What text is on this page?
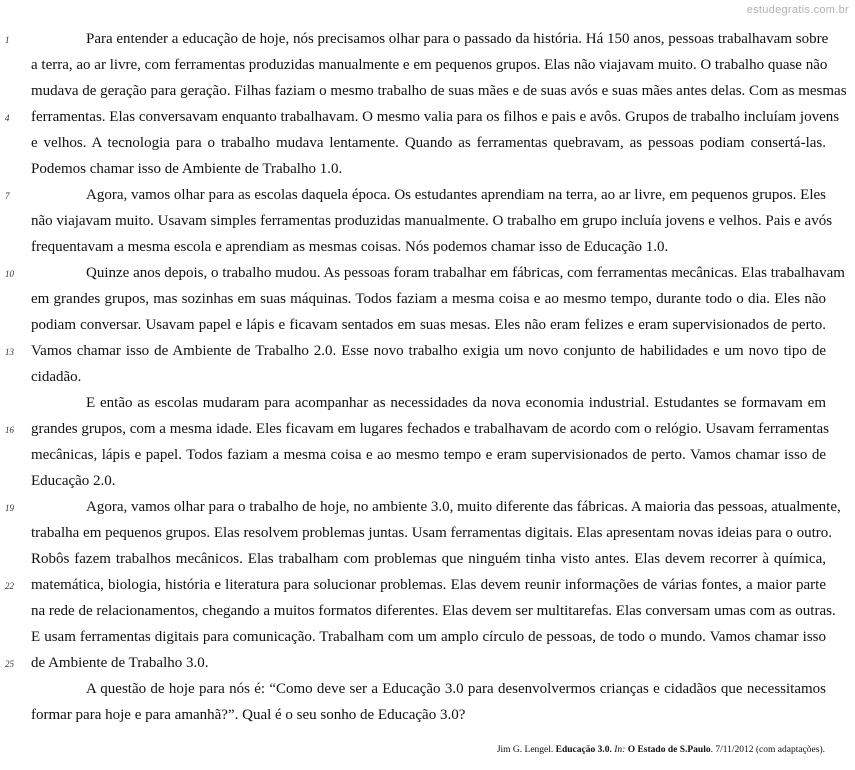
estudegratis.com.br
1	Para entender a educação de hoje, nós precisamos olhar para o passado da história. Há 150 anos, pessoas trabalhavam sobre
a terra, ao ar livre, com ferramentas produzidas manualmente e em pequenos grupos. Elas não viajavam muito. O trabalho quase não
mudava de geração para geração. Filhas faziam o mesmo trabalho de suas mães e de suas avós e suas mães antes delas. Com as mesmas
4 ferramentas. Elas conversavam enquanto trabalhavam. O mesmo valia para os filhos e pais e avôs. Grupos de trabalho incluíam jovens
e velhos. A tecnologia para o trabalho mudava lentamente. Quando as ferramentas quebravam, as pessoas podiam consertá-las.
Podemos chamar isso de Ambiente de Trabalho 1.0.
7	Agora, vamos olhar para as escolas daquela época. Os estudantes aprendiam na terra, ao ar livre, em pequenos grupos. Eles
não viajavam muito. Usavam simples ferramentas produzidas manualmente. O trabalho em grupo incluía jovens e velhos. Pais e avós
frequentavam a mesma escola e aprendiam as mesmas coisas. Nós podemos chamar isso de Educação 1.0.
10	Quinze anos depois, o trabalho mudou. As pessoas foram trabalhar em fábricas, com ferramentas mecânicas. Elas trabalhavam
em grandes grupos, mas sozinhas em suas máquinas. Todos faziam a mesma coisa e ao mesmo tempo, durante todo o dia. Eles não
podiam conversar. Usavam papel e lápis e ficavam sentados em suas mesas. Eles não eram felizes e eram supervisionados de perto.
13 Vamos chamar isso de Ambiente de Trabalho 2.0. Esse novo trabalho exigia um novo conjunto de habilidades e um novo tipo de
cidadão.
E então as escolas mudaram para acompanhar as necessidades da nova economia industrial. Estudantes se formavam em
16 grandes grupos, com a mesma idade. Eles ficavam em lugares fechados e trabalhavam de acordo com o relógio. Usavam ferramentas
mecânicas, lápis e papel. Todos faziam a mesma coisa e ao mesmo tempo e eram supervisionados de perto. Vamos chamar isso de
Educação 2.0.
19	Agora, vamos olhar para o trabalho de hoje, no ambiente 3.0, muito diferente das fábricas. A maioria das pessoas, atualmente,
trabalha em pequenos grupos. Elas resolvem problemas juntas. Usam ferramentas digitais. Elas apresentam novas ideias para o outro.
Robôs fazem trabalhos mecânicos. Elas trabalham com problemas que ninguém tinha visto antes. Elas devem recorrer à química,
22 matemática, biologia, história e literatura para solucionar problemas. Elas devem reunir informações de várias fontes, a maior parte
na rede de relacionamentos, chegando a muitos formatos diferentes. Elas devem ser multitarefas. Elas conversam umas com as outras.
E usam ferramentas digitais para comunicação. Trabalham com um amplo círculo de pessoas, de todo o mundo. Vamos chamar isso
25 de Ambiente de Trabalho 3.0.
A questão de hoje para nós é: “Como deve ser a Educação 3.0 para desenvolvermos crianças e cidadãos que necessitamos
formar para hoje e para amanhã?”. Qual é o seu sonho de Educação 3.0?
Jim G. Lengel. Educação 3.0. In: O Estado de S.Paulo. 7/11/2012 (com adaptações).
